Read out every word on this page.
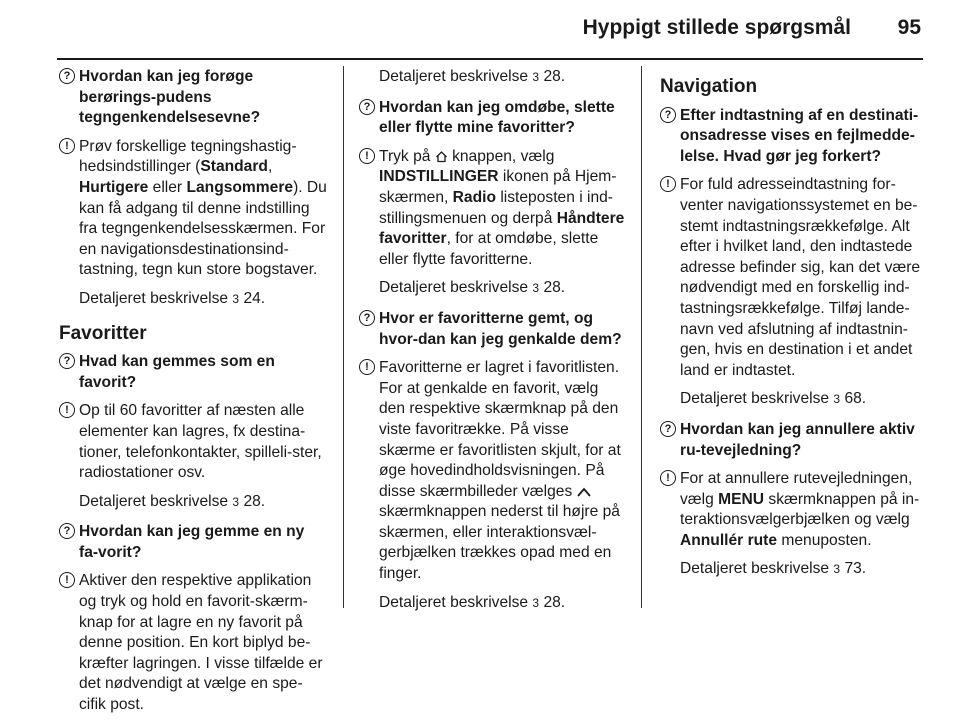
Hyppigt stillede spørgsmål 95
? Hvordan kan jeg forøge berørings-pudens tegngenkendelsesevne?
! Prøv forskellige tegningshastig-hedsindstillinger (Standard, Hurtigere eller Langsommere). Du kan få adgang til denne indstilling fra tegngenkendelsesskærmen. For en navigationsdestinationsind-tastning, tegn kun store bogstaver.
Detaljeret beskrivelse 3 24.
Favoritter
? Hvad kan gemmes som en favorit?
! Op til 60 favoritter af næsten alle elementer kan lagres, fx destina-tioner, telefonkontakter, spilleli-ster, radiostationer osv.
Detaljeret beskrivelse 3 28.
? Hvordan kan jeg gemme en ny fa-vorit?
! Aktiver den respektive applikation og tryk og hold en favorit-skærm-knap for at lagre en ny favorit på denne position. En kort biplyd be-kræfter lagringen. I visse tilfælde er det nødvendigt at vælge en spe-cifik post.
Detaljeret beskrivelse 3 28.
? Hvordan kan jeg omdøbe, slette eller flytte mine favoritter?
! Tryk på  knappen, vælg INDSTILLINGER ikonen på Hjem-skærmen, Radio listeposten i ind-stillingsmenuen og derpå Håndtere favoritter, for at omdøbe, slette eller flytte favoritterne.
Detaljeret beskrivelse 3 28.
? Hvor er favoritterne gemt, og hvor-dan kan jeg genkalde dem?
! Favoritterne er lagret i favoritlisten. For at genkalde en favorit, vælg den respektive skærmknap på den viste favoritrække. På visse skærme er favoritlisten skjult, for at øge hovedindholdsvisningen. På disse skærmbilleder vælges  skærmknappen nederst til højre på skærmen, eller interaktionsvæl-gerbjælken trækkes opad med en finger.
Detaljeret beskrivelse 3 28.
Navigation
? Efter indtastning af en destinati-onsadresse vises en fejlmedde-lelse. Hvad gør jeg forkert?
! For fuld adresseindtastning for-venter navigationssystemet en be-stemt indtastningsrækkefølge. Alt efter i hvilket land, den indtastede adresse befinder sig, kan det være nødvendigt med en forskellig ind-tastningsrækkefølge. Tilføj lande-navn ved afslutning af indtastnin-gen, hvis en destination i et andet land er indtastet.
Detaljeret beskrivelse 3 68.
? Hvordan kan jeg annullere aktiv ru-tevejledning?
! For at annullere rutevejledningen, vælg MENU skærmknappen på in-teraktionsvælgerbjælken og vælg Annullér rute menuposten.
Detaljeret beskrivelse 3 73.
